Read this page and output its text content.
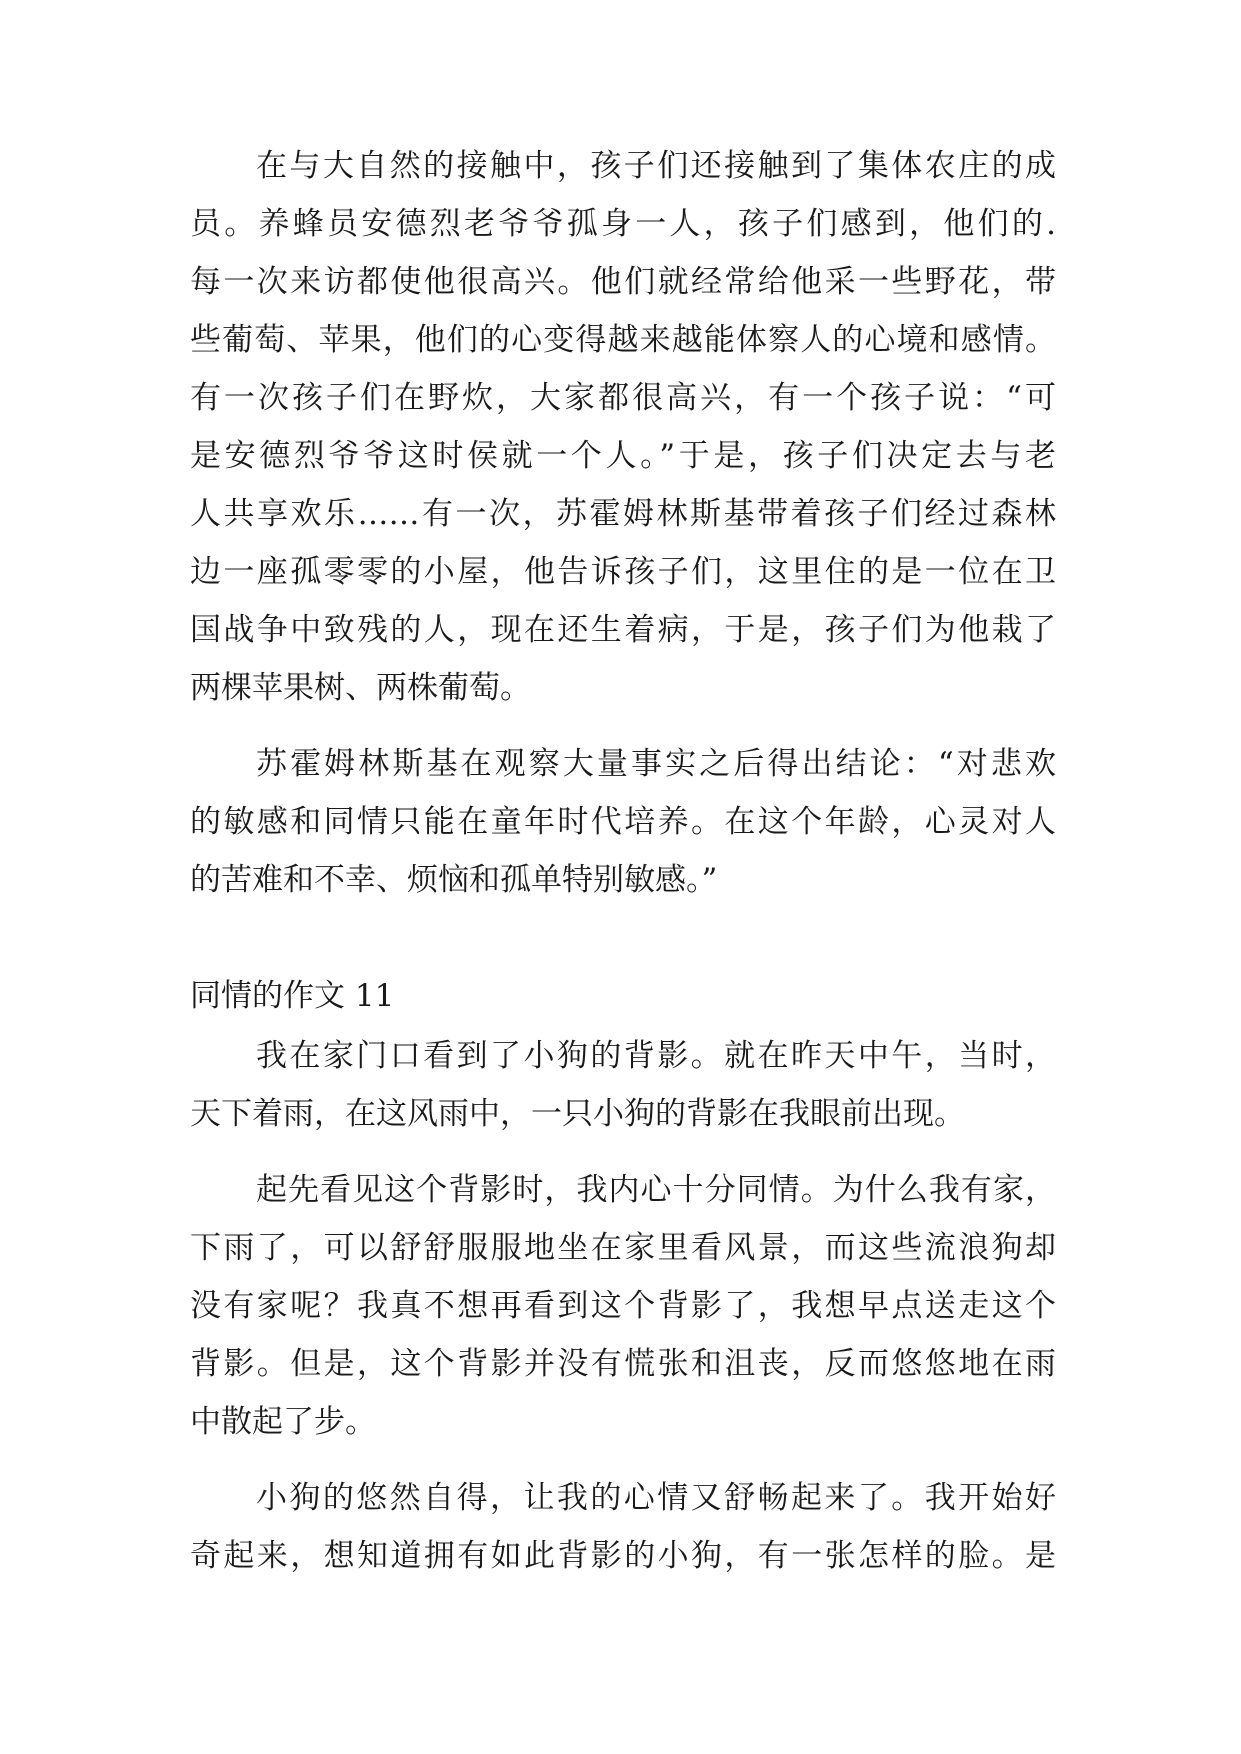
在与大自然的接触中，孩子们还接触到了集体农庄的成
员。养蜂员安德烈老爷爷孤身一人，孩子们感到，他们的.
每一次来访都使他很高兴。他们就经常给他采一些野花，带
些葡萄、苹果，他们的心变得越来越能体察人的心境和感情。
有一次孩子们在野炊，大家都很高兴，有一个孩子说：“可
是安德烈爷爷这时侯就一个人。”于是，孩子们决定去与老
人共享欢乐……有一次，苏霍姆林斯基带着孩子们经过森林
边一座孤零零的小屋，他告诉孩子们，这里住的是一位在卫
国战争中致残的人，现在还生着病，于是，孩子们为他栽了
两棵苹果树、两株葡萄。
苏霍姆林斯基在观察大量事实之后得出结论：“对悲欢
的敏感和同情只能在童年时代培养。在这个年龄，心灵对人
的苦难和不幸、烦恼和孤单特别敏感。”
同情的作文 11
我在家门口看到了小狗的背影。就在昨天中午，当时，
天下着雨，在这风雨中，一只小狗的背影在我眼前出现。
起先看见这个背影时，我内心十分同情。为什么我有家，
下雨了，可以舒舒服服地坐在家里看风景，而这些流浪狗却
没有家呢？我真不想再看到这个背影了，我想早点送走这个
背影。但是，这个背影并没有慌张和沮丧，反而悠悠地在雨
中散起了步。
小狗的悠然自得，让我的心情又舒畅起来了。我开始好
奇起来，想知道拥有如此背影的小狗，有一张怎样的脸。是
